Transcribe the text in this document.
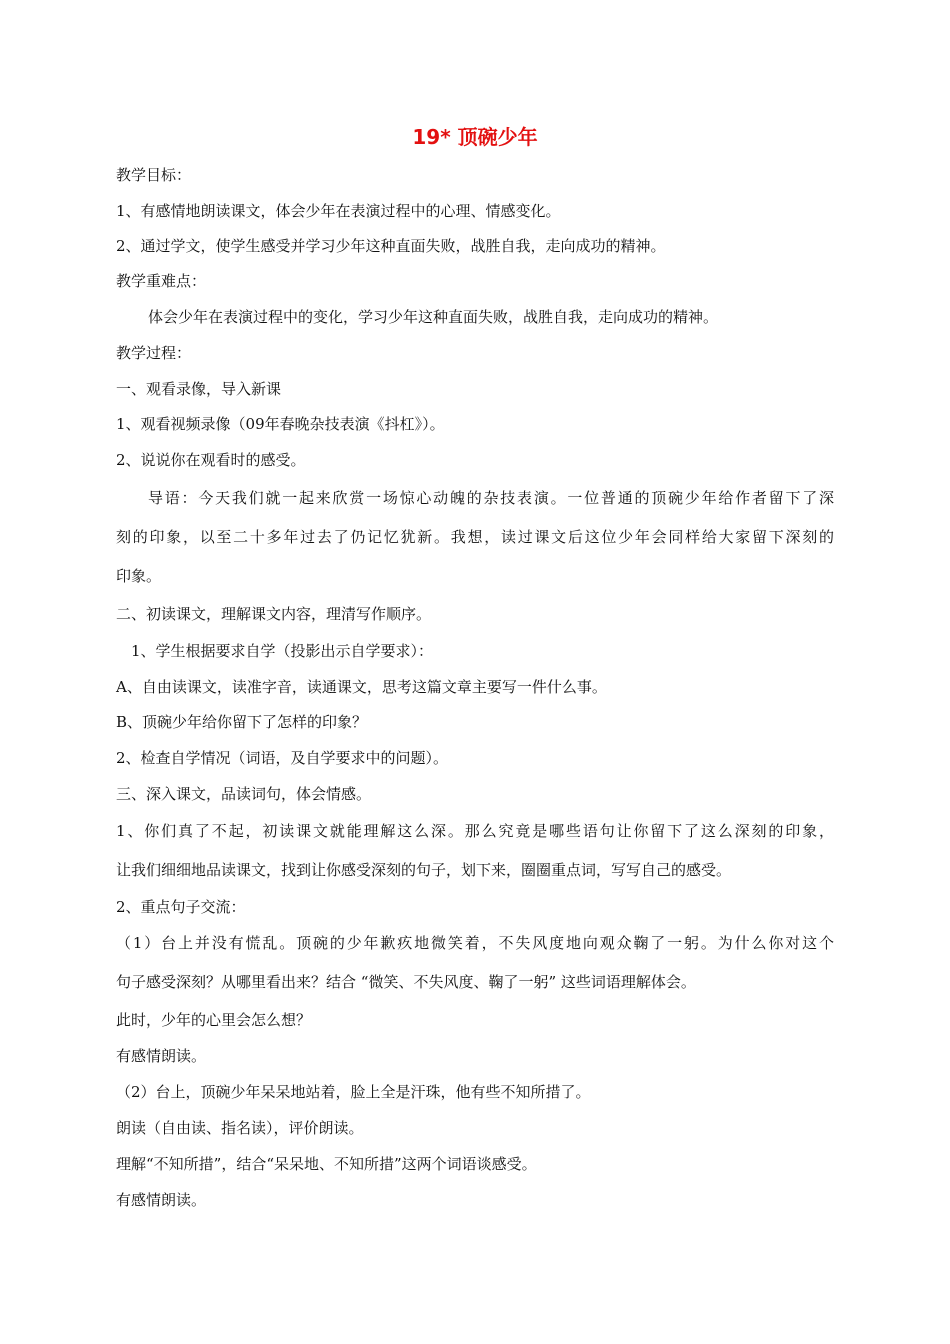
19* 顶碗少年

教学目标：

1、有感情地朗读课文，体会少年在表演过程中的心理、情感变化。

2、通过学文，使学生感受并学习少年这种直面失败，战胜自我，走向成功的精神。

教学重难点：

体会少年在表演过程中的变化，学习少年这种直面失败，战胜自我，走向成功的精神。

教学过程：

一、观看录像，导入新课

1、观看视频录像（09年春晚杂技表演《抖杠》）。

2、说说你在观看时的感受。

导语：今天我们就一起来欣赏一场惊心动魄的杂技表演。一位普通的顶碗少年给作者留下了深

刻的印象，以至二十多年过去了仍记忆犹新。我想，读过课文后这位少年会同样给大家留下深刻的

印象。

二、初读课文，理解课文内容，理清写作顺序。

1、学生根据要求自学（投影出示自学要求）：

A、自由读课文，读准字音，读通课文，思考这篇文章主要写一件什么事。

B、顶碗少年给你留下了怎样的印象？

2、检查自学情况（词语，及自学要求中的问题）。

三、深入课文，品读词句，体会情感。

1、你们真了不起，初读课文就能理解这么深。那么究竟是哪些语句让你留下了这么深刻的印象，

让我们细细地品读课文，找到让你感受深刻的句子，划下来，圈圈重点词，写写自己的感受。

2、重点句子交流：

（1）台上并没有慌乱。顶碗的少年歉疚地微笑着，不失风度地向观众鞠了一躬。为什么你对这个

句子感受深刻？从哪里看出来？结合 “微笑、不失风度、鞠了一躬” 这些词语理解体会。

此时，少年的心里会怎么想？

有感情朗读。

（2）台上，顶碗少年呆呆地站着，脸上全是汗珠，他有些不知所措了。

朗读（自由读、指名读），评价朗读。

理解“不知所措”，结合“呆呆地、不知所措”这两个词语谈感受。

有感情朗读。
